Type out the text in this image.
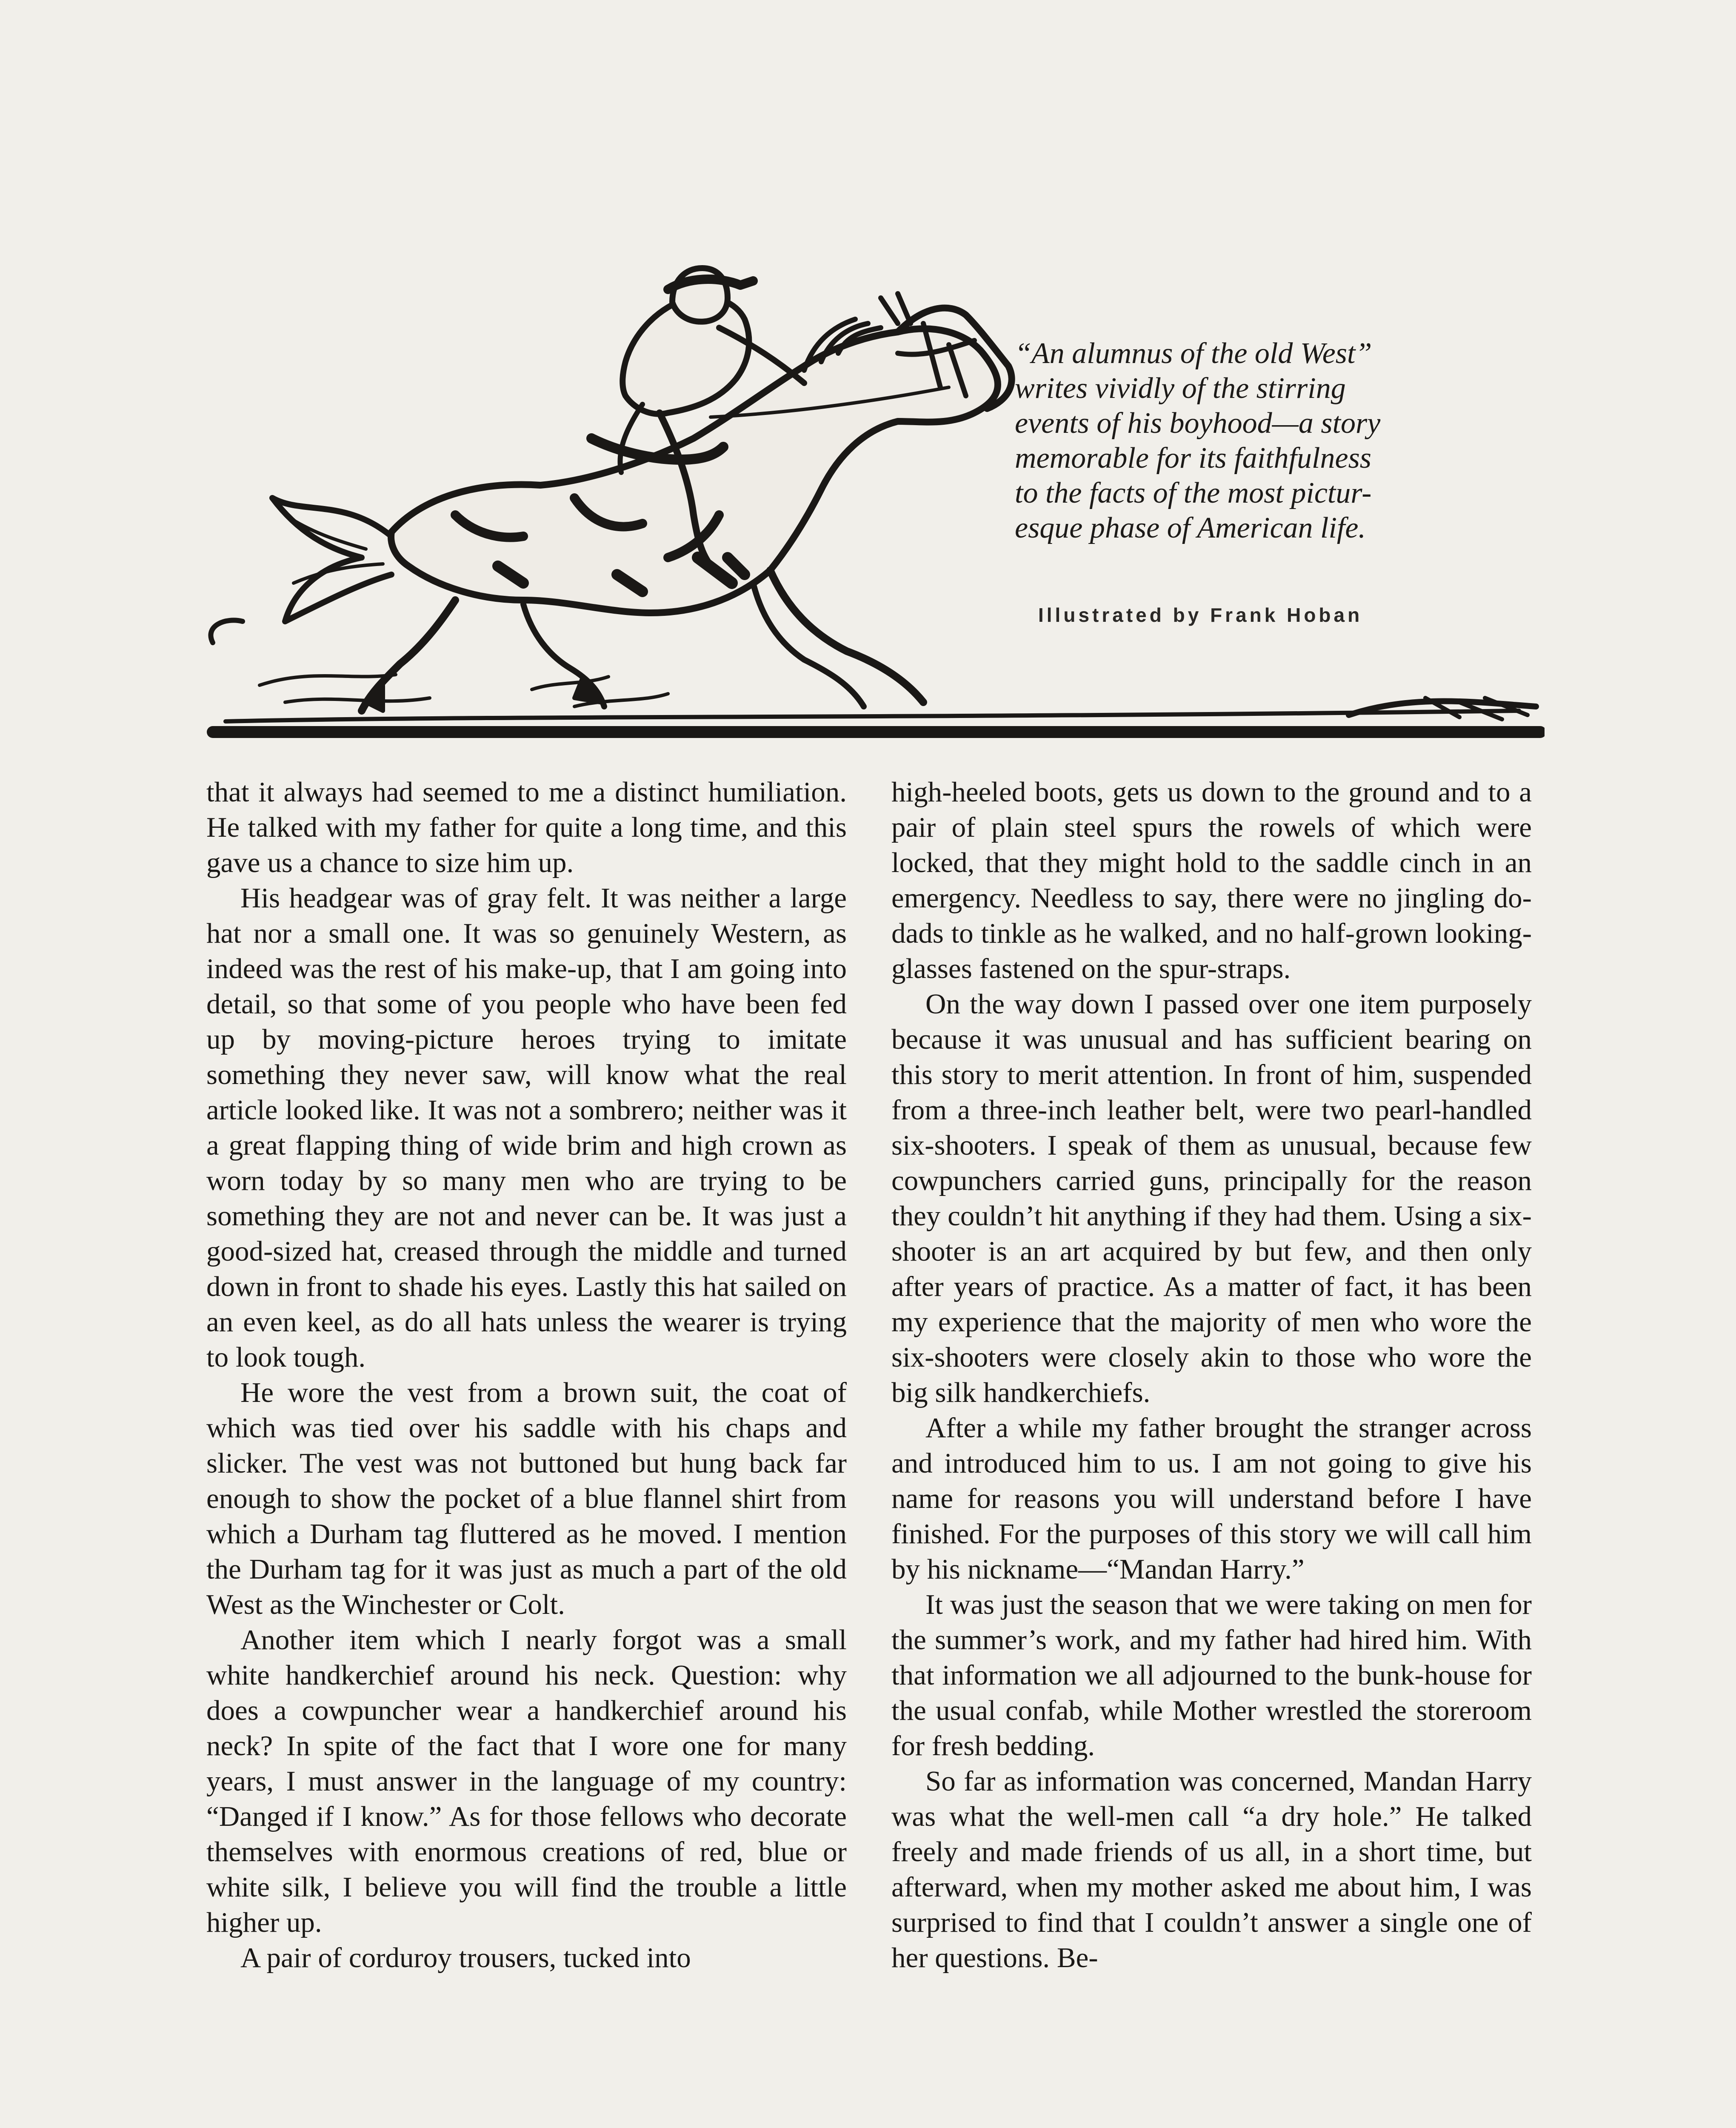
“An alumnus of the old West”
writes vividly of the stirring
events of his boyhood—a story
memorable for its faithfulness
to the facts of the most pictur-
esque phase of American life.
Illustrated by Frank Hoban

that it always had seemed to me a distinct humiliation. He talked with my father for quite a long time, and this gave us a chance to size him up.

His headgear was of gray felt. It was neither a large hat nor a small one. It was so genuinely Western, as indeed was the rest of his make-up, that I am going into detail, so that some of you people who have been fed up by moving-picture heroes trying to imitate something they never saw, will know what the real article looked like. It was not a sombrero; neither was it a great flapping thing of wide brim and high crown as worn today by so many men who are trying to be something they are not and never can be. It was just a good-sized hat, creased through the middle and turned down in front to shade his eyes. Lastly this hat sailed on an even keel, as do all hats unless the wearer is trying to look tough.

He wore the vest from a brown suit, the coat of which was tied over his saddle with his chaps and slicker. The vest was not buttoned but hung back far enough to show the pocket of a blue flannel shirt from which a Durham tag fluttered as he moved. I mention the Durham tag for it was just as much a part of the old West as the Winchester or Colt.

Another item which I nearly forgot was a small white handkerchief around his neck. Question: why does a cowpuncher wear a handkerchief around his neck? In spite of the fact that I wore one for many years, I must answer in the language of my country: “Danged if I know.” As for those fellows who decorate themselves with enormous creations of red, blue or white silk, I believe you will find the trouble a little higher up.

A pair of corduroy trousers, tucked into

high-heeled boots, gets us down to the ground and to a pair of plain steel spurs the rowels of which were locked, that they might hold to the saddle cinch in an emergency. Needless to say, there were no jingling do-dads to tinkle as he walked, and no half-grown looking-glasses fastened on the spur-straps.

On the way down I passed over one item purposely because it was unusual and has sufficient bearing on this story to merit attention. In front of him, suspended from a three-inch leather belt, were two pearl-handled six-shooters. I speak of them as unusual, because few cowpunchers carried guns, principally for the reason they couldn’t hit anything if they had them. Using a six-shooter is an art acquired by but few, and then only after years of practice. As a matter of fact, it has been my experience that the majority of men who wore the six-shooters were closely akin to those who wore the big silk handkerchiefs.

After a while my father brought the stranger across and introduced him to us. I am not going to give his name for reasons you will understand before I have finished. For the purposes of this story we will call him by his nickname—“Mandan Harry.”

It was just the season that we were taking on men for the summer’s work, and my father had hired him. With that information we all adjourned to the bunk-house for the usual confab, while Mother wrestled the storeroom for fresh bedding.

So far as information was concerned, Mandan Harry was what the well-men call “a dry hole.” He talked freely and made friends of us all, in a short time, but afterward, when my mother asked me about him, I was surprised to find that I couldn’t answer a single one of her questions. Be-
